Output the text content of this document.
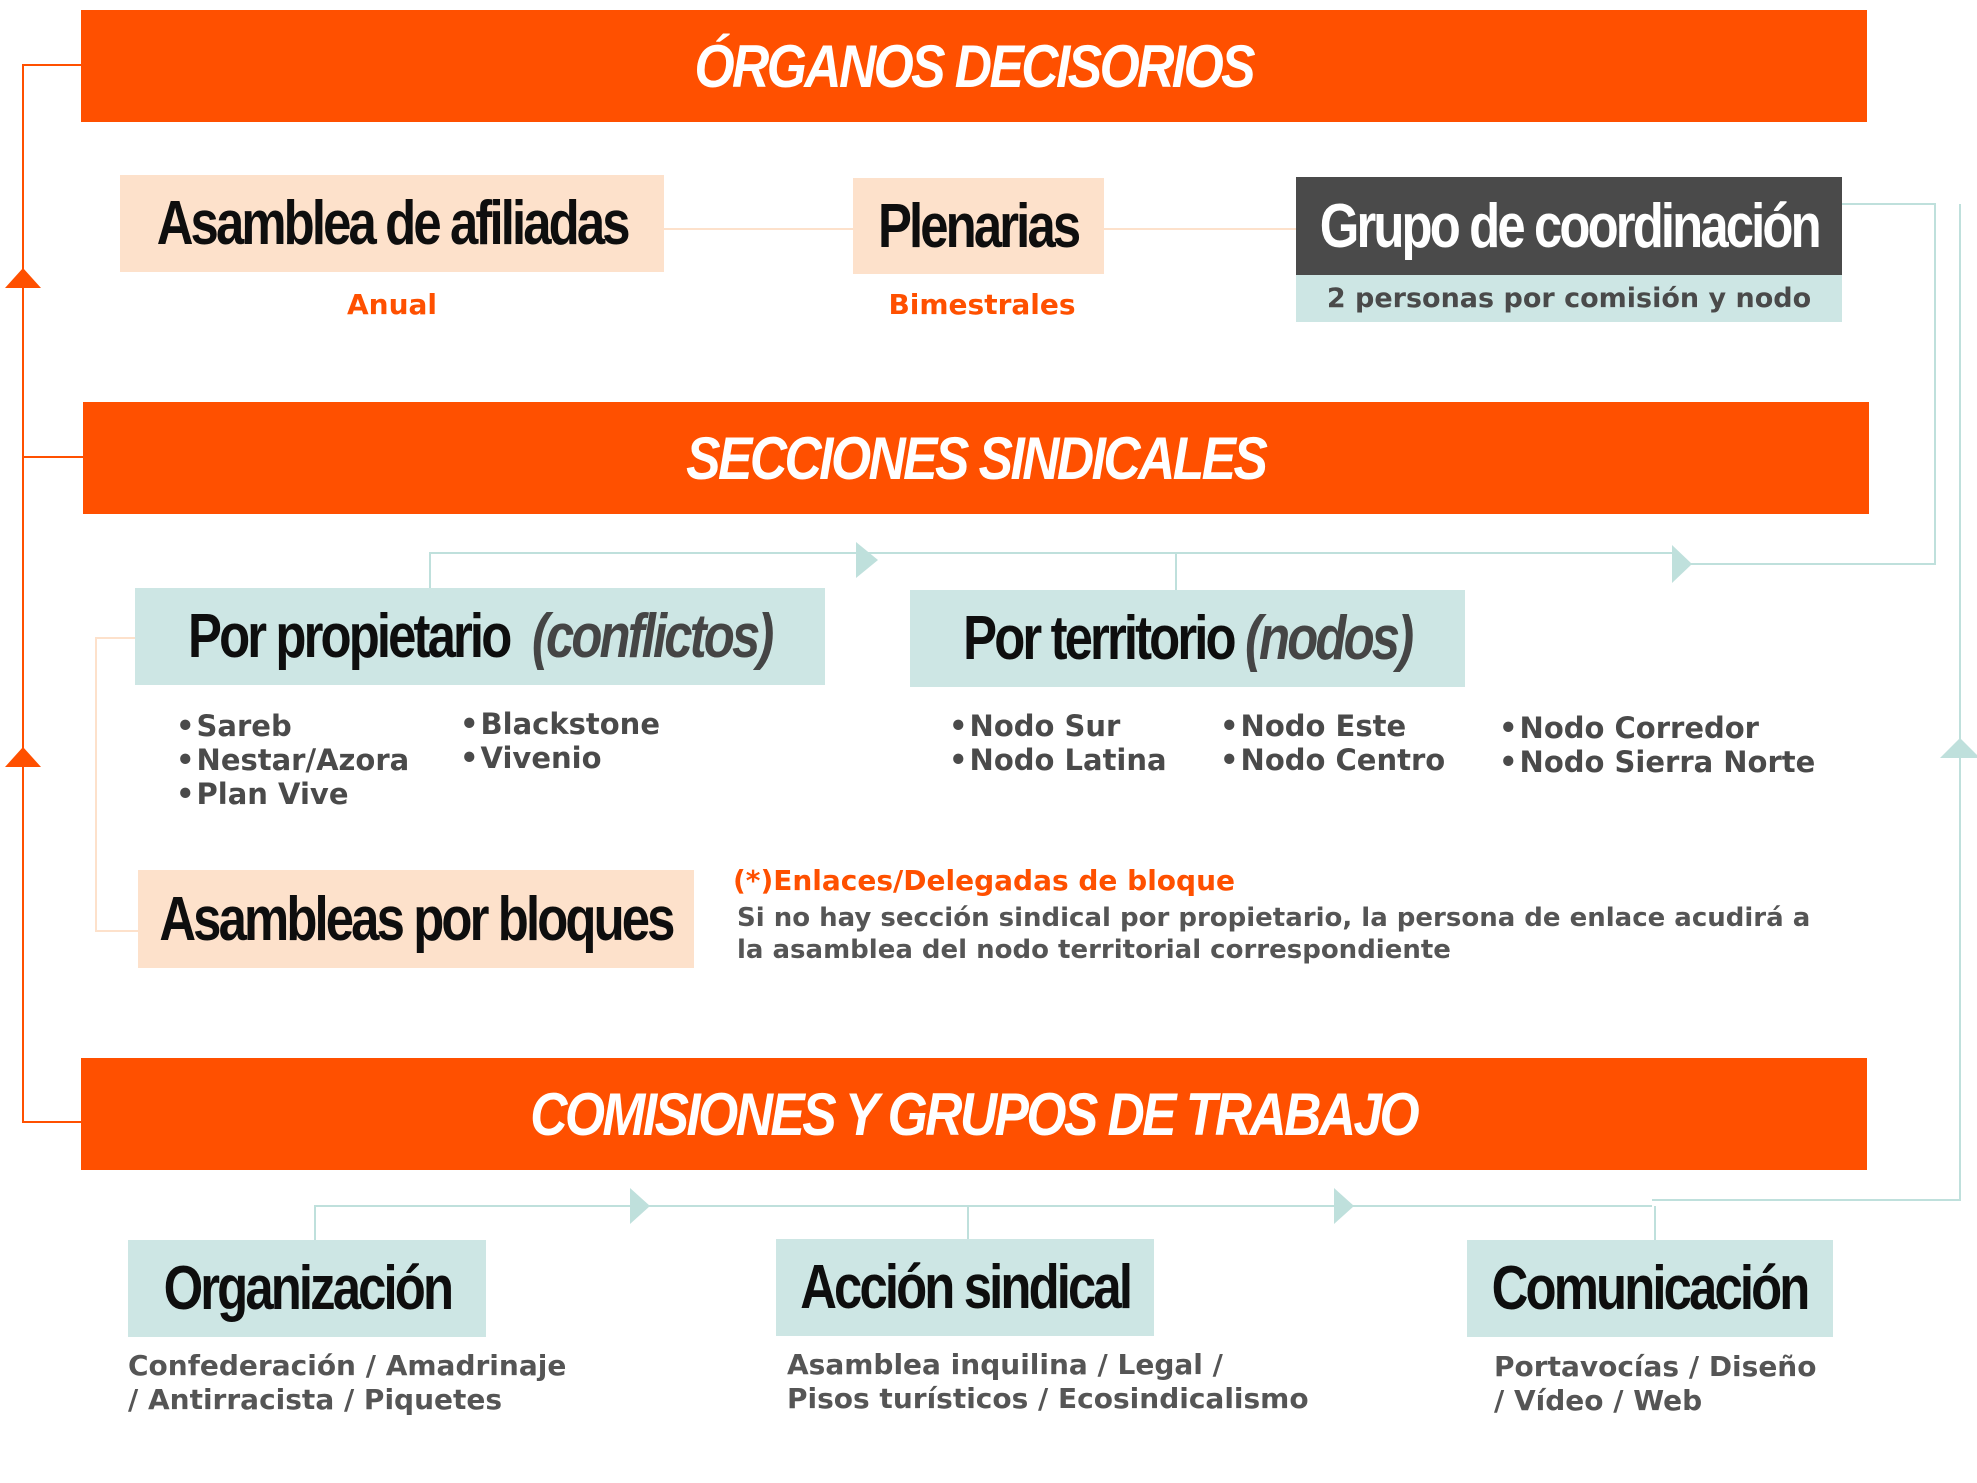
ÓRGANOS DECISORIOS
Asamblea de afiliadas
Anual
Plenarias
Bimestrales
Grupo de coordinación
2 personas por comisión y nodo
SECCIONES SINDICALES
Por propietario (conflictos)
• Sareb
• Nestar/Azora
• Plan Vive
• Blackstone
• Vivenio
Por territorio (nodos)
• Nodo Sur
• Nodo Latina
• Nodo Este
• Nodo Centro
• Nodo Corredor
• Nodo Sierra Norte
Asambleas por bloques
(*)Enlaces/Delegadas de bloque
Si no hay sección sindical por propietario, la persona de enlace acudirá a
la asamblea del nodo territorial correspondiente
COMISIONES Y GRUPOS DE TRABAJO
Organización
Confederación / Amadrinaje
/ Antirracista / Piquetes
Acción sindical
Asamblea inquilina / Legal /
Pisos turísticos / Ecosindicalismo
Comunicación
Portavocías / Diseño
/ Vídeo / Web
